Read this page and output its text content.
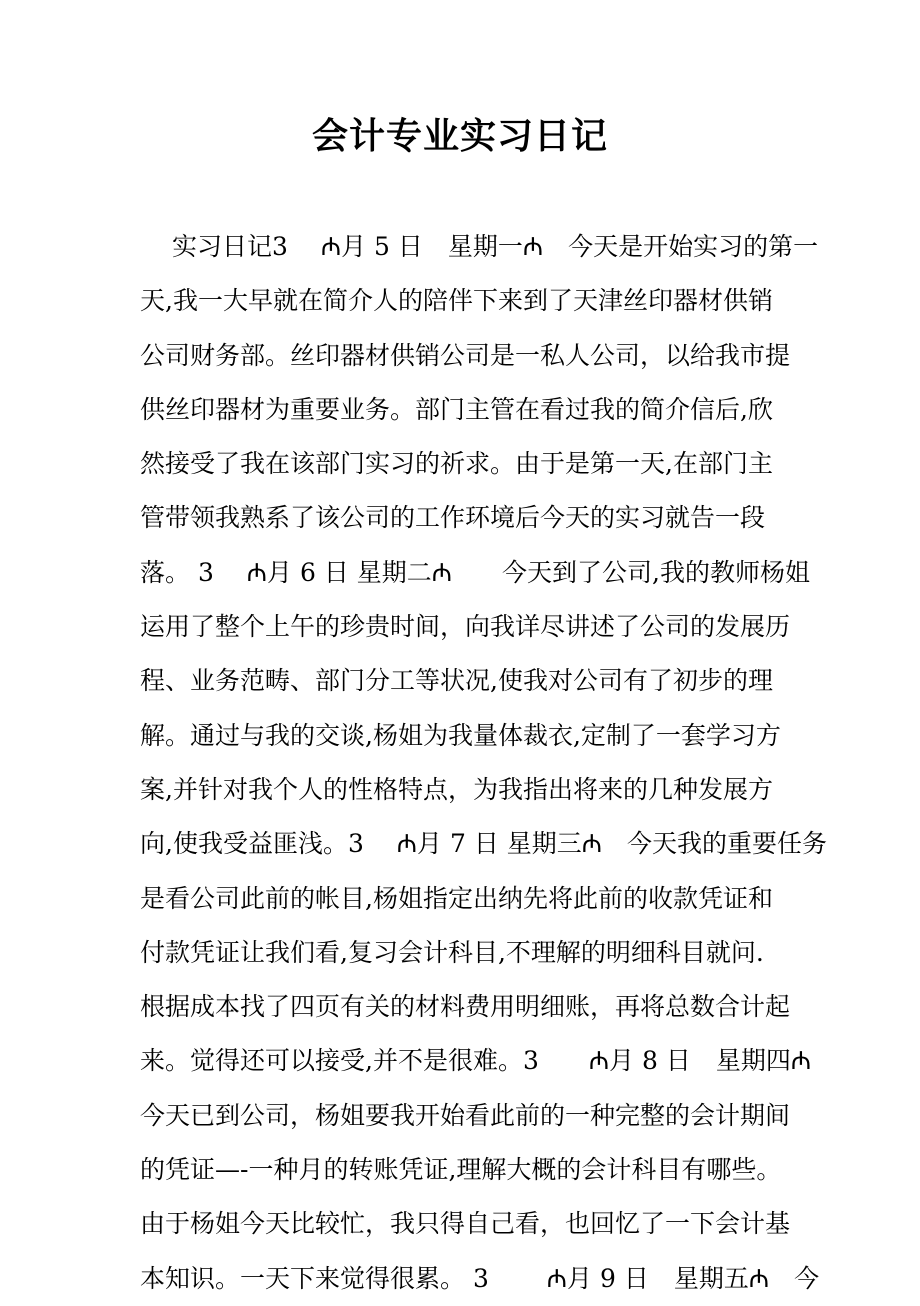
会计专业实习日记
实习日记3　 ₼月 5 日　星期一₼　今天是开始实习的第一
天,我一大早就在简介人的陪伴下来到了天津丝印器材供销
公司财务部。丝印器材供销公司是一私人公司，以给我市提
供丝印器材为重要业务。部门主管在看过我的简介信后,欣
然接受了我在该部门实习的祈求。由于是第一天,在部门主
管带领我熟系了该公司的工作环境后今天的实习就告一段
落。 3　 ₼月 6 日 星期二₼　　今天到了公司,我的教师杨姐
运用了整个上午的珍贵时间，向我详尽讲述了公司的发展历
程、业务范畴、部门分工等状况,使我对公司有了初步的理
解。通过与我的交谈,杨姐为我量体裁衣,定制了一套学习方
案,并针对我个人的性格特点，为我指出将来的几种发展方
向,使我受益匪浅。3　 ₼月 7 日 星期三₼　今天我的重要任务
是看公司此前的帐目,杨姐指定出纳先将此前的收款凭证和
付款凭证让我们看,复习会计科目,不理解的明细科目就问.
根据成本找了四页有关的材料费用明细账，再将总数合计起
来。觉得还可以接受,并不是很难。3　　₼月 8 日　星期四₼
今天已到公司，杨姐要我开始看此前的一种完整的会计期间
的凭证—-一种月的转账凭证,理解大概的会计科目有哪些。
由于杨姐今天比较忙，我只得自己看，也回忆了一下会计基
本知识。一天下来觉得很累。 3　　 ₼月 9 日　星期五₼　今
